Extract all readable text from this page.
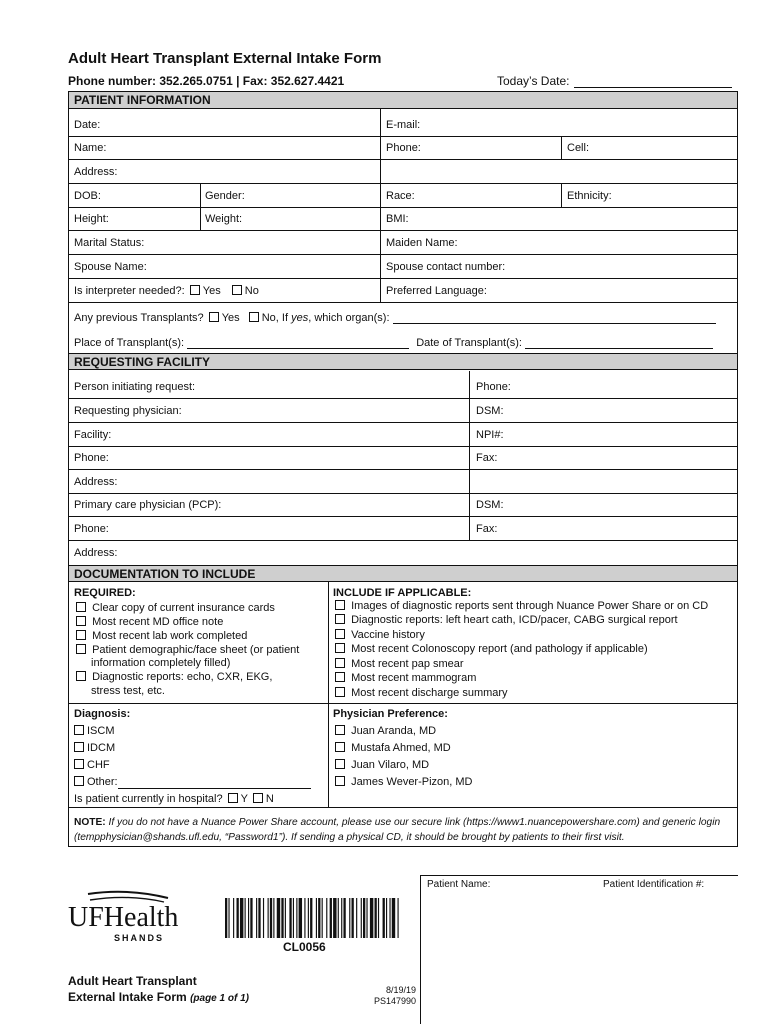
Adult Heart Transplant External Intake Form
Phone number: 352.265.0751 | Fax: 352.627.4421	Today’s Date:
PATIENT INFORMATION
Date:	E-mail:
Name:	Phone:	Cell:
Address:
DOB:	Gender:	Race:	Ethnicity:
Height:	Weight:	BMI:
Marital Status:	Maiden Name:
Spouse Name:	Spouse contact number:
Is interpreter needed?: Yes No	Preferred Language:
Any previous Transplants? Yes No, If yes, which organ(s):
Place of Transplant(s):	Date of Transplant(s):
REQUESTING FACILITY
Person initiating request:	Phone:
Requesting physician:	DSM:
Facility:	NPI#:
Phone:	Fax:
Address:
Primary care physician (PCP):	DSM:
Phone:	Fax:
Address:
DOCUMENTATION TO INCLUDE
REQUIRED:
Clear copy of current insurance cards
Most recent MD office note
Most recent lab work completed
Patient demographic/face sheet (or patient
information completely filled)
Diagnostic reports: echo, CXR, EKG,
stress test, etc.
INCLUDE IF APPLICABLE:
Images of diagnostic reports sent through Nuance Power Share or on CD
Diagnostic reports: left heart cath, ICD/pacer, CABG surgical report
Vaccine history
Most recent Colonoscopy report (and pathology if applicable)
Most recent pap smear
Most recent mammogram
Most recent discharge summary
Diagnosis:
ISCM
IDCM
CHF
Other:
Is patient currently in hospital? Y N
Physician Preference:
Juan Aranda, MD
Mustafa Ahmed, MD
Juan Vilaro, MD
James Wever-Pizon, MD
NOTE: If you do not have a Nuance Power Share account, please use our secure link (https://www1.nuancepowershare.com) and generic login (tempphysician@shands.ufl.edu, “Password1”). If sending a physical CD, it should be brought by patients to their first visit.
UFHealth
SHANDS
CL0056
Adult Heart Transplant
External Intake Form (page 1 of 1)
8/19/19
PS147990
Patient Name:	Patient Identification #:
